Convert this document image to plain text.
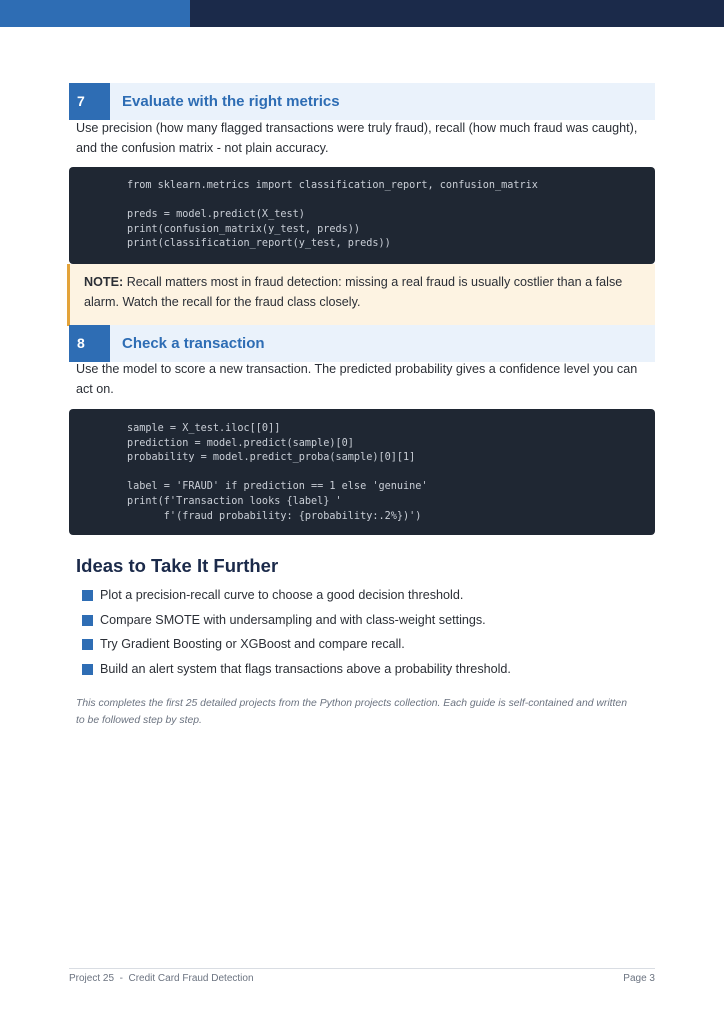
7	Evaluate with the right metrics
Use precision (how many flagged transactions were truly fraud), recall (how much fraud was caught), and the confusion matrix - not plain accuracy.
from sklearn.metrics import classification_report, confusion_matrix
preds = model.predict(X_test)
print(confusion_matrix(y_test, preds))
print(classification_report(y_test, preds))
NOTE: Recall matters most in fraud detection: missing a real fraud is usually costlier than a false alarm. Watch the recall for the fraud class closely.
8	Check a transaction
Use the model to score a new transaction. The predicted probability gives a confidence level you can act on.
sample = X_test.iloc[[0]]
prediction = model.predict(sample)[0]
probability = model.predict_proba(sample)[0][1]
label = 'FRAUD' if prediction == 1 else 'genuine'
print(f'Transaction looks {label} '
f'(fraud probability: {probability:.2%})')
Ideas to Take It Further
Plot a precision-recall curve to choose a good decision threshold.
Compare SMOTE with undersampling and with class-weight settings.
Try Gradient Boosting or XGBoost and compare recall.
Build an alert system that flags transactions above a probability threshold.
This completes the first 25 detailed projects from the Python projects collection. Each guide is self-contained and written to be followed step by step.
Project 25  -  Credit Card Fraud Detection	Page 3
